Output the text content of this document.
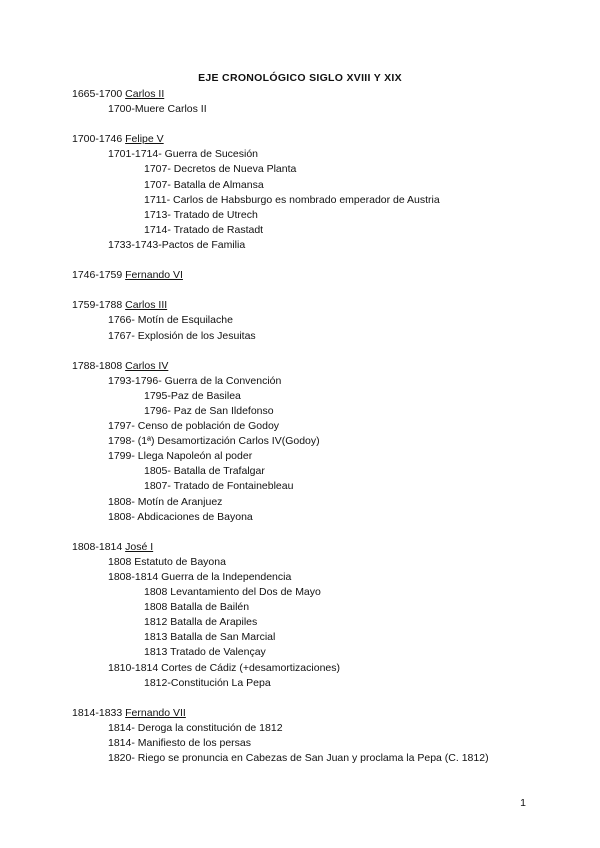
EJE CRONOLÓGICO SIGLO XVIII Y XIX
1665-1700 Carlos II
1700-Muere Carlos II
1700-1746 Felipe V
1701-1714- Guerra de Sucesión
1707- Decretos de Nueva Planta
1707- Batalla de Almansa
1711- Carlos de Habsburgo es nombrado emperador de Austria
1713- Tratado de Utrech
1714- Tratado de Rastadt
1733-1743-Pactos de Familia
1746-1759 Fernando VI
1759-1788 Carlos III
1766- Motín de Esquilache
1767- Explosión de los Jesuitas
1788-1808 Carlos IV
1793-1796- Guerra de la Convención
1795-Paz de Basilea
1796- Paz de San Ildefonso
1797- Censo de población de Godoy
1798- (1ª) Desamortización Carlos IV(Godoy)
1799- Llega Napoleón al poder
1805- Batalla de Trafalgar
1807- Tratado de Fontainebleau
1808- Motín de Aranjuez
1808- Abdicaciones de Bayona
1808-1814 José I
1808 Estatuto de Bayona
1808-1814 Guerra de la Independencia
1808 Levantamiento del Dos de Mayo
1808 Batalla de Bailén
1812 Batalla de Arapiles
1813 Batalla de San Marcial
1813 Tratado de Valençay
1810-1814 Cortes de Cádiz (+desamortizaciones)
1812-Constitución La Pepa
1814-1833 Fernando VII
1814- Deroga la constitución de 1812
1814- Manifiesto de los persas
1820- Riego se pronuncia en Cabezas de San Juan y proclama la Pepa (C. 1812)
1
